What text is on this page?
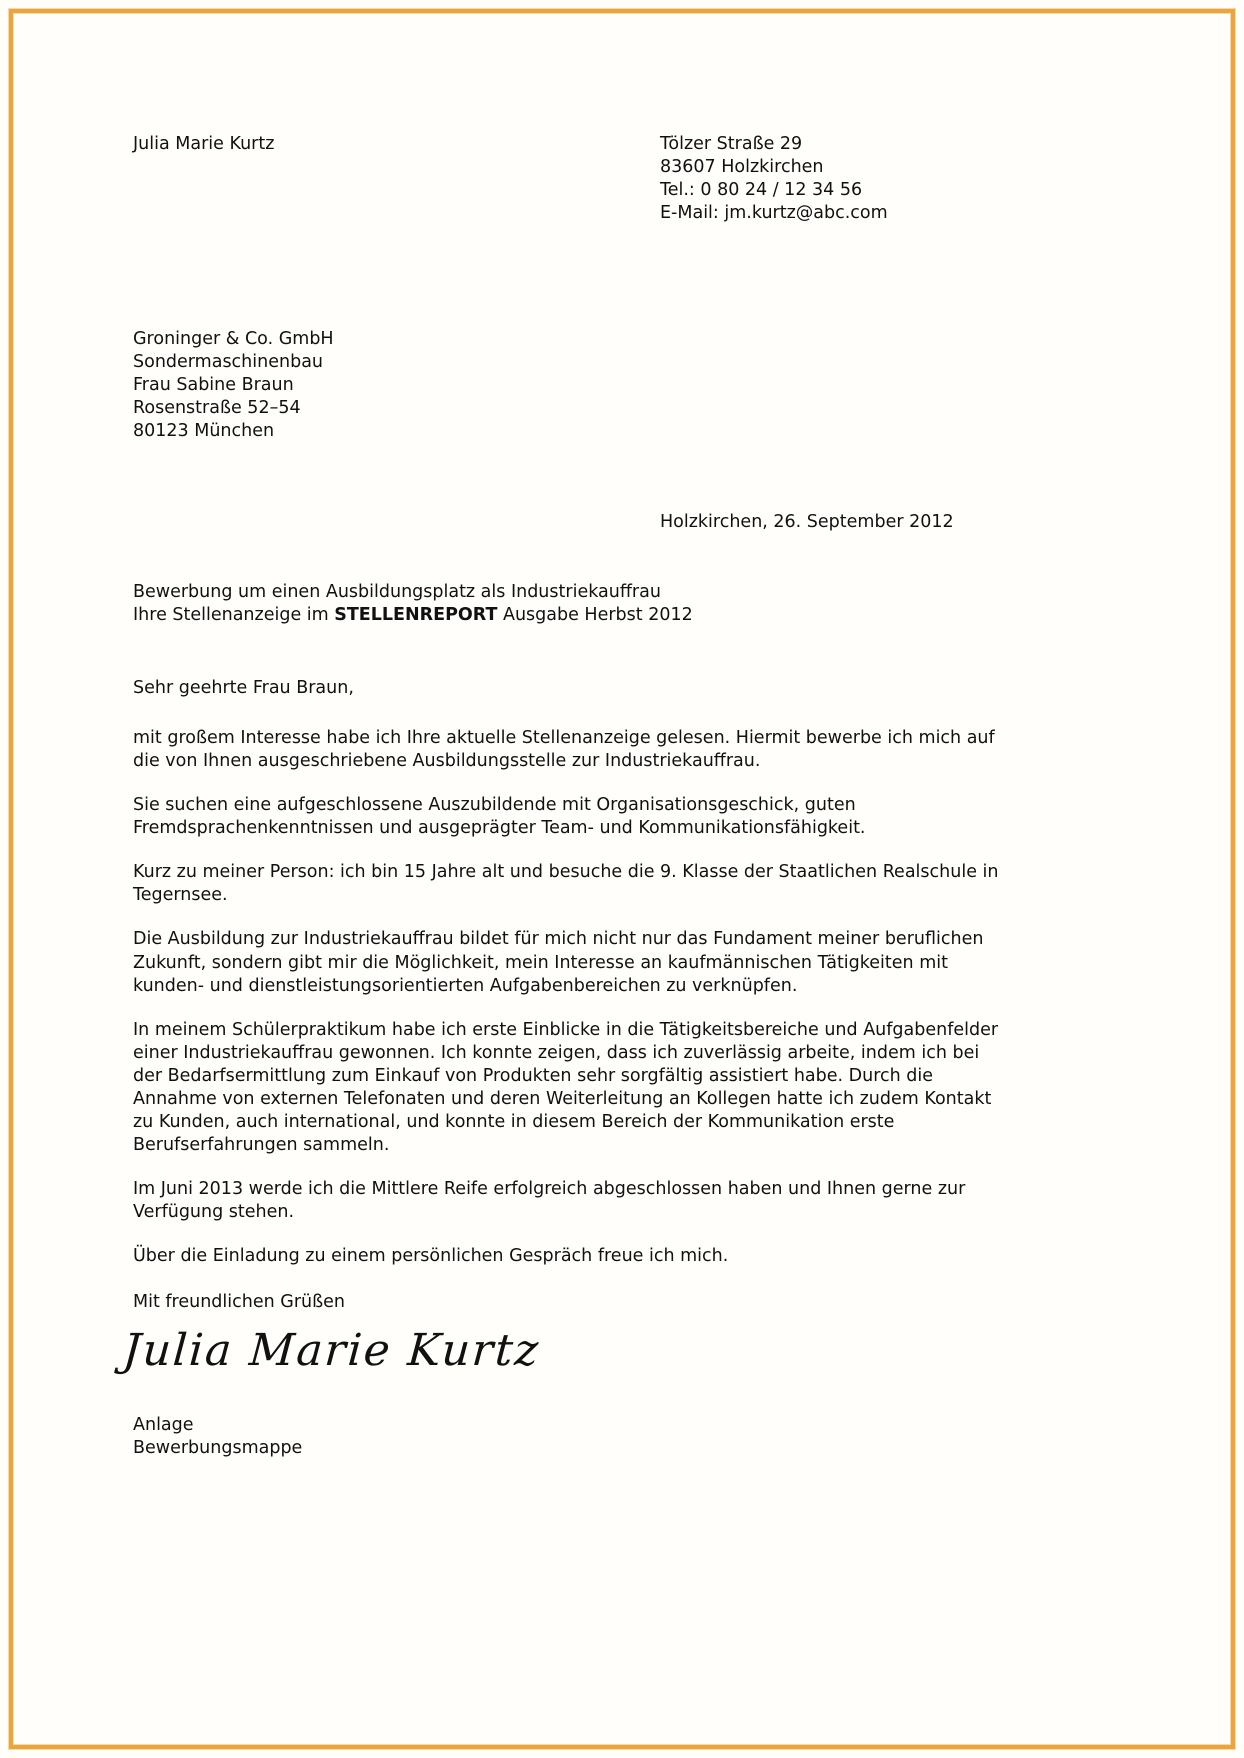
Julia Marie Kurtz	Tölzer Straße 29
83607 Holzkirchen
Tel.: 0 80 24 / 12 34 56
E-Mail: jm.kurtz@abc.com
Groninger & Co. GmbH
Sondermaschinenbau
Frau Sabine Braun
Rosenstraße 52–54
80123 München
Holzkirchen, 26. September 2012
Bewerbung um einen Ausbildungsplatz als Industriekauffrau
Ihre Stellenanzeige im STELLENREPORT Ausgabe Herbst 2012
Sehr geehrte Frau Braun,

mit großem Interesse habe ich Ihre aktuelle Stellenanzeige gelesen. Hiermit bewerbe ich mich auf die von Ihnen ausgeschriebene Ausbildungsstelle zur Industriekauffrau.

Sie suchen eine aufgeschlossene Auszubildende mit Organisationsgeschick, guten Fremdsprachenkenntnissen und ausgeprägter Team- und Kommunikationsfähigkeit.

Kurz zu meiner Person: ich bin 15 Jahre alt und besuche die 9. Klasse der Staatlichen Realschule in Tegernsee.

Die Ausbildung zur Industriekauffrau bildet für mich nicht nur das Fundament meiner beruflichen Zukunft, sondern gibt mir die Möglichkeit, mein Interesse an kaufmännischen Tätigkeiten mit kunden- und dienstleistungsorientierten Aufgabenbereichen zu verknüpfen.

In meinem Schülerpraktikum habe ich erste Einblicke in die Tätigkeitsbereiche und Aufgabenfelder einer Industriekauffrau gewonnen. Ich konnte zeigen, dass ich zuverlässig arbeite, indem ich bei der Bedarfsermittlung zum Einkauf von Produkten sehr sorgfältig assistiert habe. Durch die Annahme von externen Telefonaten und deren Weiterleitung an Kollegen hatte ich zudem Kontakt zu Kunden, auch international, und konnte in diesem Bereich der Kommunikation erste Berufserfahrungen sammeln.

Im Juni 2013 werde ich die Mittlere Reife erfolgreich abgeschlossen haben und Ihnen gerne zur Verfügung stehen.

Über die Einladung zu einem persönlichen Gespräch freue ich mich.

Mit freundlichen Grüßen
Julia Marie Kurtz
Anlage
Bewerbungsmappe
